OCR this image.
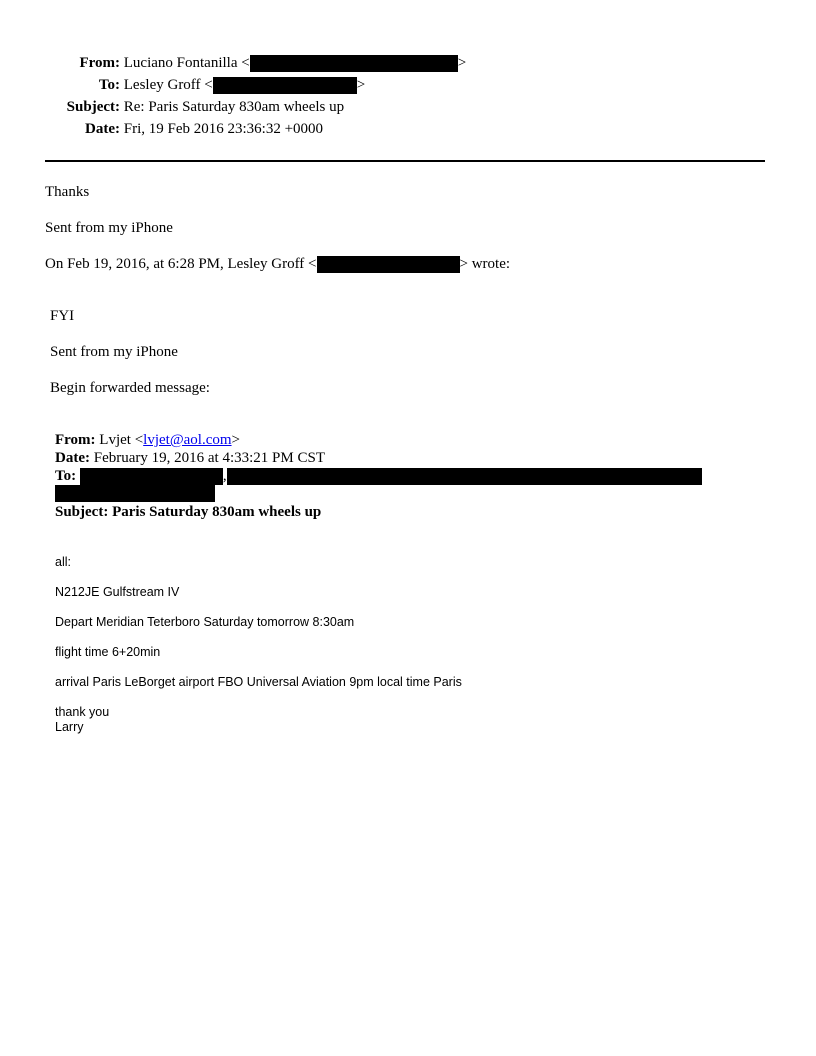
From: Luciano Fontanilla <	>
To: Lesley Groff <	>
Subject: Re: Paris Saturday 830am wheels up
Date: Fri, 19 Feb 2016 23:36:32 +0000
Thanks
Sent from my iPhone
On Feb 19, 2016, at 6:28 PM, Lesley Groff <	> wrote:
FYI
Sent from my iPhone
Begin forwarded message:
From: Lvjet <lvjet@aol.com>
Date: February 19, 2016 at 4:33:21 PM CST
To:	,
Subject: Paris Saturday 830am wheels up
all:
N212JE Gulfstream IV
Depart Meridian Teterboro Saturday tomorrow 8:30am
flight time 6+20min
arrival Paris LeBorget airport FBO Universal Aviation 9pm local time Paris
thank you
Larry
